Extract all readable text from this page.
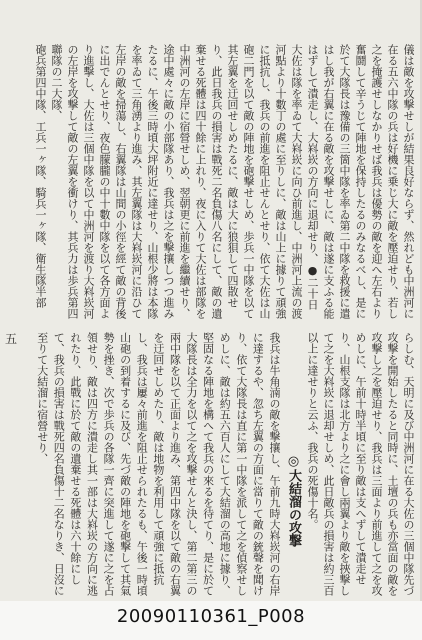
儀は敵を攻撃せしが結果良好ならず、然れども中洲河に在る五六中隊の兵は好機に乗じ大に敵を壓迫せり、若し之を掩護せしなかりせば我兵は優勢の敵を迎へ左右より奮鬪して辛うじて陣地を保持したるのみなるべし、是に於て大隊長は豫備の三箇中隊を率ゐ第二中隊を救援に遣はし我が右翼に在る敵を攻撃せしに、敵は遂に支ふる能はずして潰走し、大嵙崁の方向に退却せり、●二十日大佐は隊を率ゐて大嵙崁に向ひ前進し、中洲河上流の渡河點より十數丁の處に至りしに、敵は山上に據りて頑強に抵抗し、我兵の前進を阻止せんとせり、依て大佐は山砲二門を以て敵の陣地を砲撃せしめ、歩兵一中隊を以て其左翼を迂回せしめたるに、敵は大に狼狽して四散せり、此日我兵の損害は戰死二名負傷八名にして、敵の遺棄せる死體は四十餘に上れり、夜に入りて大佐は部隊を中洲河の左岸に宿營せしめ、翌朝更に前進を繼續せり、途中處々に敵の小部隊あり、我兵は之を撃攘しつつ進みたるに、午後三時頃大坪附近に達せり、山根少將は本隊を率ゐて三角湧より進み、其左翼隊は大嵙崁河に沿ひて左岸の敵を掃蕩し、右翼隊は山間の小徑を經て敵の背後に出でんとせり、夜色朦朧の中十數中隊を以て各方面より進擊し、大佐は三個中隊を以て中洲河を渡り大嵙崁河の左岸を攻撃して敵の左翼を衝けり、其兵力は歩兵第四聯隊の二大隊、

砲兵第四中隊、工兵一ヶ隊、騎兵一ヶ隊、衛生隊半部

らしむ、天明に及び中洲河に在る大佐の三個中隊先づ攻撃を開始したると同時に、土壇の兵も亦當面の敵を攻撃し之を壓迫せり、我兵は三面より前進して之を攻めしに、午前十時半頃に至り敵は支へずして潰走せり、山根支隊は北方より之に會し兩翼より敵を挾撃して之を大嵙崁に退却せしめ、此日敵兵の損害は約三百以上に達せりと云ふ、我兵の死傷十名。

◎大結溜の攻撃

我兵は牛角湳の敵を撃攘し、午前九時大嵙崁河の右岸に達するや、忽ち左翼の方面に當りて敵の銃聲を聞けり、依て大隊長は直に第一中隊を派して之を偵察せしめしに、敵は約五六百人にして大結溜の高地に據り、堅固なる陣地を構へて我兵の來るを待てり、是に於て大隊長は全力を以て之を攻撃せんと決し、第二第三の兩中隊を以て正面より進み、第四中隊を以て敵の右翼を迂回せしめたり、敵は地物を利用して頑強に抵抗し、我兵は屢々前進を阻止せられたるも、午後一時頃山砲の到着するに及び、先づ敵の陣地を砲撃して其氣勢を挫き、次で歩兵の各隊一齊に突進して遂に之を占領せり、敵は四方に潰走し其一部は大嵙崁の方向に逃れたり、此戰に於て敵の遺棄せる死體は六十餘にして、我兵の損害は戰死四名負傷十二名なりき、日沒に至りて大結溜に宿營せり、

五
20090110361_P008
